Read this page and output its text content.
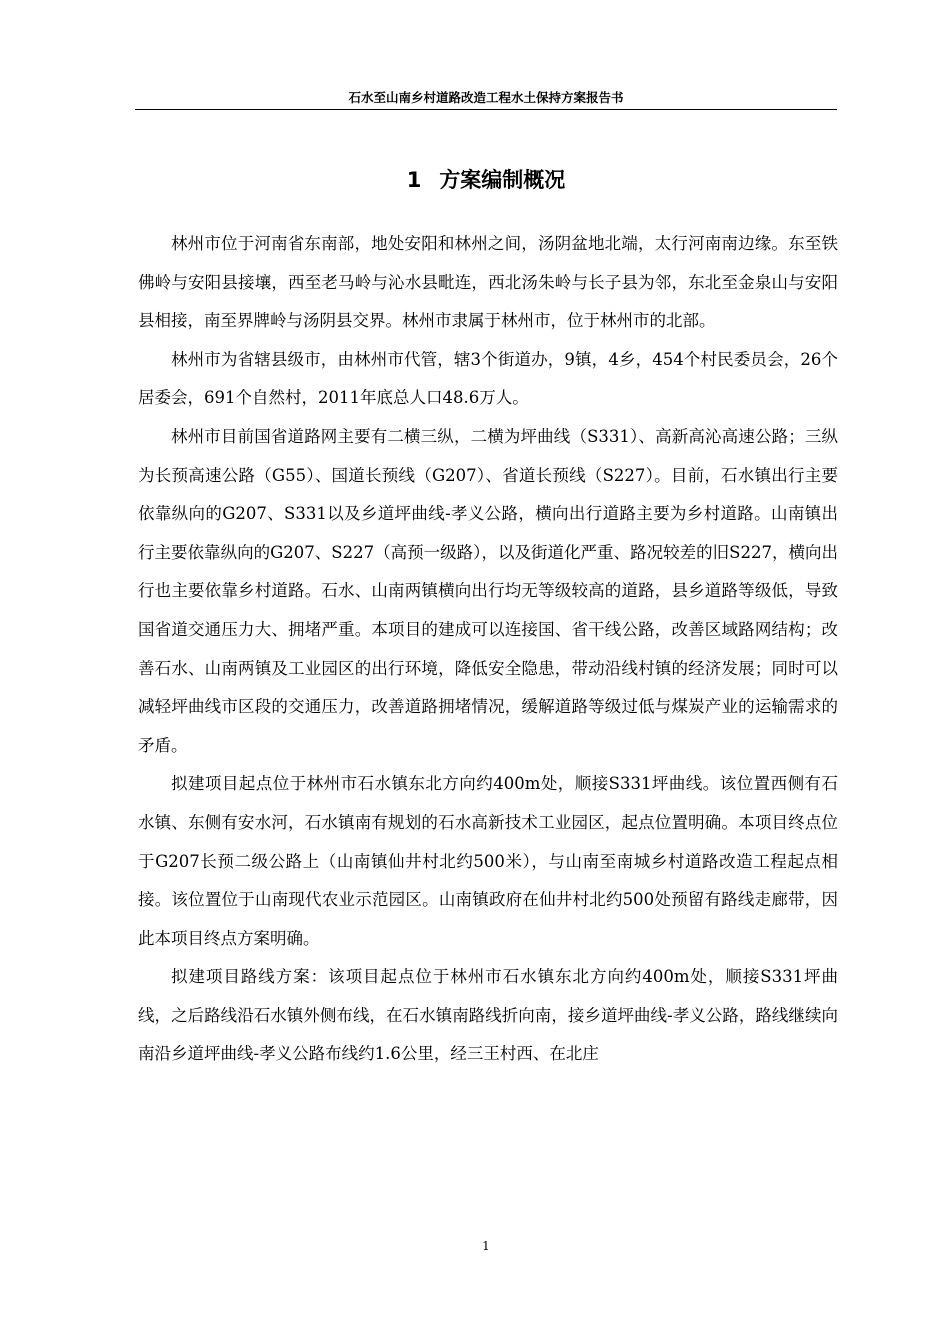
石水至山南乡村道路改造工程水土保持方案报告书
1 方案编制概况

林州市位于河南省东南部，地处安阳和林州之间，汤阴盆地北端，太行河南南边缘。东至铁佛岭与安阳县接壤，西至老马岭与沁水县毗连，西北汤朱岭与长子县为邻，东北至金泉山与安阳县相接，南至界牌岭与汤阴县交界。林州市隶属于林州市，位于林州市的北部。

林州市为省辖县级市，由林州市代管，辖3个街道办，9镇，4乡，454个村民委员会，26个居委会，691个自然村，2011年底总人口48.6万人。

林州市目前国省道路网主要有二横三纵，二横为坪曲线（S331）、高新高沁高速公路；三纵为长预高速公路（G55）、国道长预线（G207）、省道长预线（S227）。目前，石水镇出行主要依靠纵向的G207、S331以及乡道坪曲线-孝义公路，横向出行道路主要为乡村道路。山南镇出行主要依靠纵向的G207、S227（高预一级路），以及街道化严重、路况较差的旧S227，横向出行也主要依靠乡村道路。石水、山南两镇横向出行均无等级较高的道路，县乡道路等级低，导致国省道交通压力大、拥堵严重。本项目的建成可以连接国、省干线公路，改善区域路网结构；改善石水、山南两镇及工业园区的出行环境，降低安全隐患，带动沿线村镇的经济发展；同时可以减轻坪曲线市区段的交通压力，改善道路拥堵情况，缓解道路等级过低与煤炭产业的运输需求的矛盾。

拟建项目起点位于林州市石水镇东北方向约400m处，顺接S331坪曲线。该位置西侧有石水镇、东侧有安水河，石水镇南有规划的石水高新技术工业园区，起点位置明确。本项目终点位于G207长预二级公路上（山南镇仙井村北约500米），与山南至南城乡村道路改造工程起点相接。该位置位于山南现代农业示范园区。山南镇政府在仙井村北约500处预留有路线走廊带，因此本项目终点方案明确。

拟建项目路线方案：该项目起点位于林州市石水镇东北方向约400m处，顺接S331坪曲线，之后路线沿石水镇外侧布线，在石水镇南路线折向南，接乡道坪曲线-孝义公路，路线继续向南沿乡道坪曲线-孝义公路布线约1.6公里，经三王村西、在北庄

1
